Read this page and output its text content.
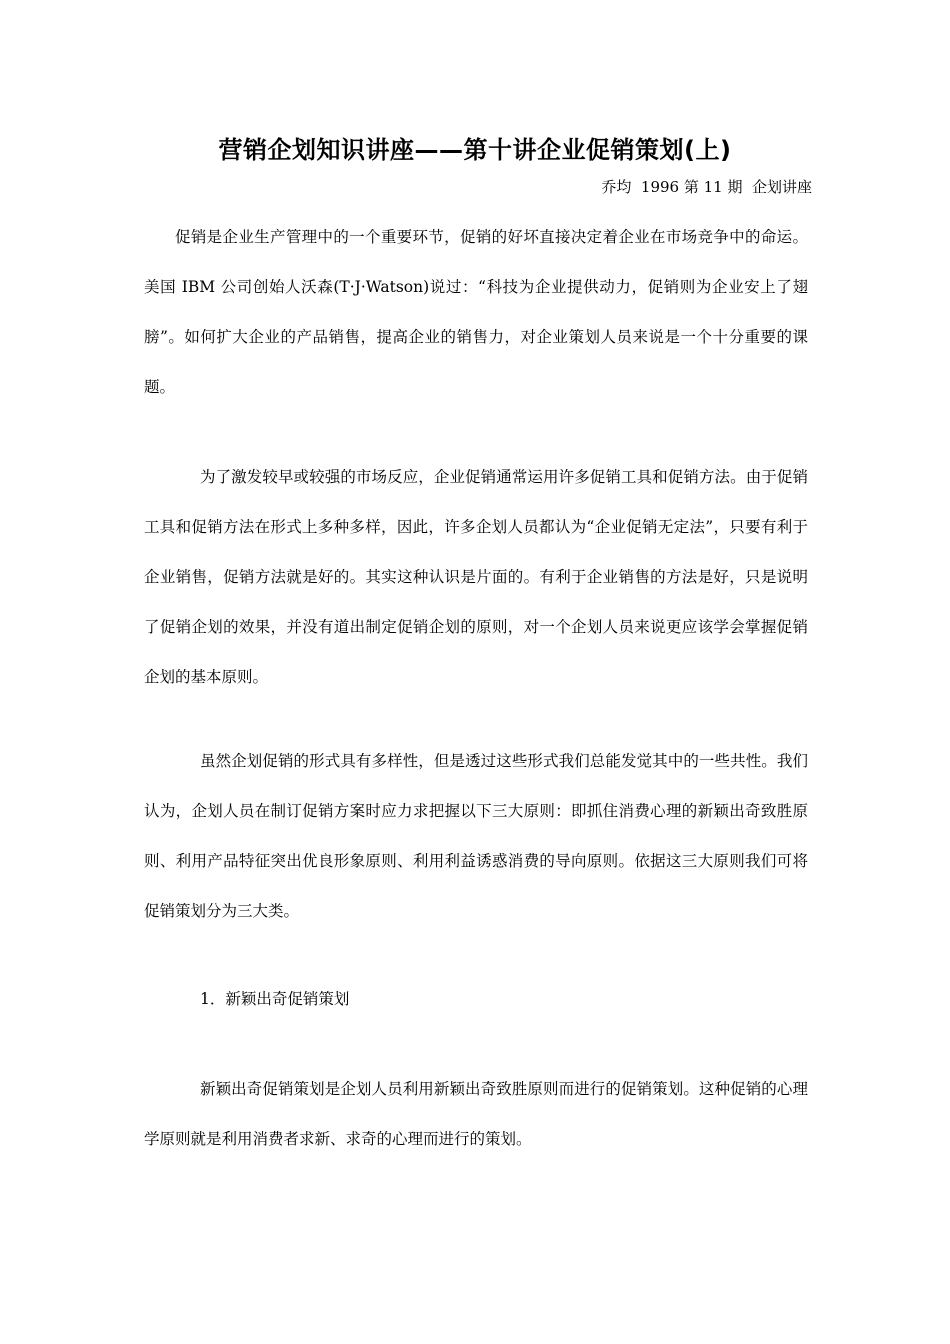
营销企划知识讲座——第十讲企业促销策划(上)
乔均  1996 第 11 期  企划讲座

促销是企业生产管理中的一个重要环节，促销的好坏直接决定着企业在市场竞争中的命运。美国 IBM 公司创始人沃森(T·J·Watson)说过：“科技为企业提供动力，促销则为企业安上了翅膀”。如何扩大企业的产品销售，提高企业的销售力，对企业策划人员来说是一个十分重要的课题。

为了激发较早或较强的市场反应，企业促销通常运用许多促销工具和促销方法。由于促销工具和促销方法在形式上多种多样，因此，许多企划人员都认为“企业促销无定法”，只要有利于企业销售，促销方法就是好的。其实这种认识是片面的。有利于企业销售的方法是好，只是说明了促销企划的效果，并没有道出制定促销企划的原则，对一个企划人员来说更应该学会掌握促销企划的基本原则。

虽然企划促销的形式具有多样性，但是透过这些形式我们总能发觉其中的一些共性。我们认为，企划人员在制订促销方案时应力求把握以下三大原则：即抓住消费心理的新颖出奇致胜原则、利用产品特征突出优良形象原则、利用利益诱惑消费的导向原则。依据这三大原则我们可将促销策划分为三大类。

1．新颖出奇促销策划

新颖出奇促销策划是企划人员利用新颖出奇致胜原则而进行的促销策划。这种促销的心理学原则就是利用消费者求新、求奇的心理而进行的策划。
